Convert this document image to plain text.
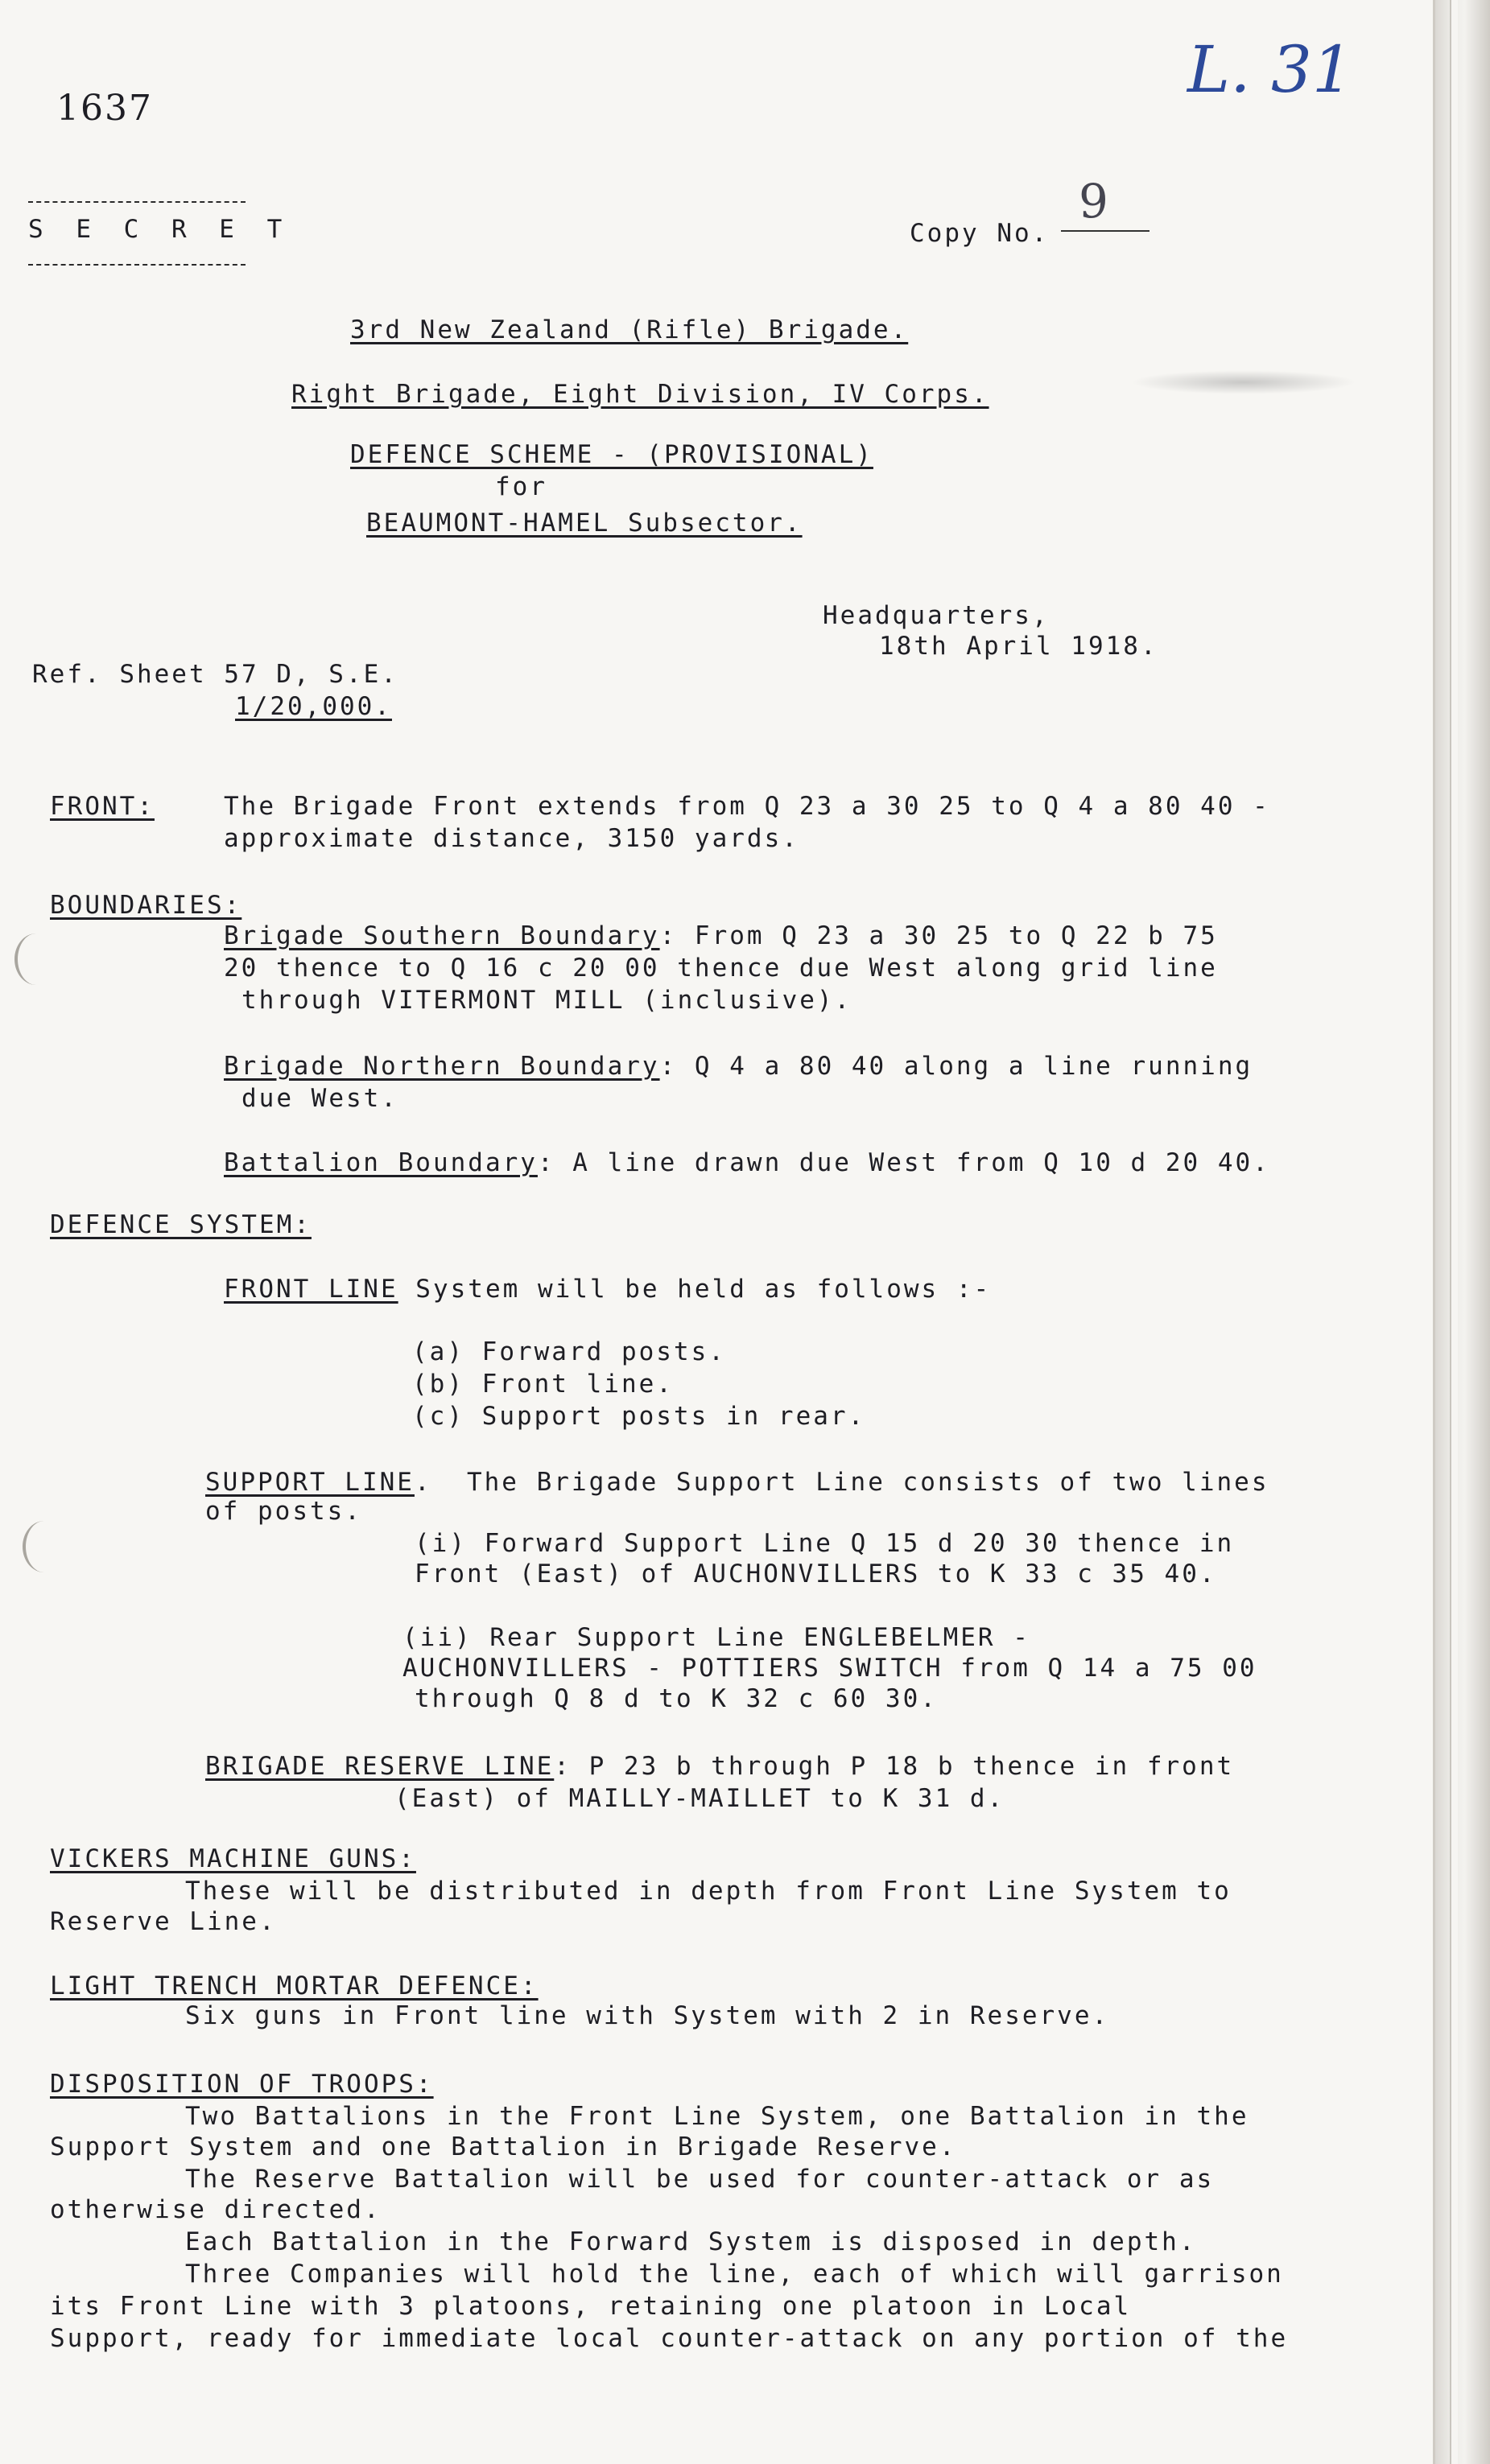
1637
L. 31
S E C R E T	Copy No.
9
3rd New Zealand (Rifle) Brigade.
Right Brigade, Eight Division, IV Corps.
DEFENCE SCHEME - (PROVISIONAL)
for
BEAUMONT-HAMEL Subsector.
Headquarters,
18th April 1918.
Ref. Sheet 57 D, S.E.
1/20,000.
FRONT:	The Brigade Front extends from Q 23 a 30 25 to Q 4 a 80 40 -
approximate distance, 3150 yards.
BOUNDARIES:
Brigade Southern Boundary: From Q 23 a 30 25 to Q 22 b 75
20 thence to Q 16 c 20 00 thence due West along grid line
through VITERMONT MILL (inclusive).
Brigade Northern Boundary: Q 4 a 80 40 along a line running
due West.
Battalion Boundary: A line drawn due West from Q 10 d 20 40.
DEFENCE SYSTEM:
FRONT LINE System will be held as follows :-
(a) Forward posts.
(b) Front line.
(c) Support posts in rear.
SUPPORT LINE.  The Brigade Support Line consists of two lines
of posts.
(i) Forward Support Line Q 15 d 20 30 thence in
Front (East) of AUCHONVILLERS to K 33 c 35 40.
(ii) Rear Support Line ENGLEBELMER -
AUCHONVILLERS - POTTIERS SWITCH from Q 14 a 75 00
through Q 8 d to K 32 c 60 30.
BRIGADE RESERVE LINE: P 23 b through P 18 b thence in front
(East) of MAILLY-MAILLET to K 31 d.
VICKERS MACHINE GUNS:
These will be distributed in depth from Front Line System to
Reserve Line.
LIGHT TRENCH MORTAR DEFENCE:
Six guns in Front line with System with 2 in Reserve.
DISPOSITION OF TROOPS:
Two Battalions in the Front Line System, one Battalion in the
Support System and one Battalion in Brigade Reserve.
The Reserve Battalion will be used for counter-attack or as
otherwise directed.
Each Battalion in the Forward System is disposed in depth.
Three Companies will hold the line, each of which will garrison
its Front Line with 3 platoons, retaining one platoon in Local
Support, ready for immediate local counter-attack on any portion of the
